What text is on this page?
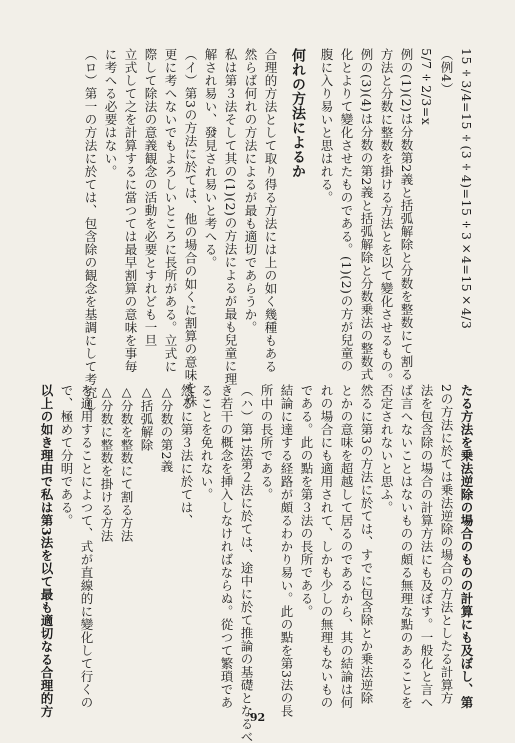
15÷3/4=15÷(3÷4)=15÷3×4=15×4/3

（例4）

5/7÷2/3=x

例の(1)(2)は分数第2義と括弧解除と分数を整数にて割る

方法と分数に整数を掛ける方法とを以て變化させるもの。

例の(3)(4)は分数の第2義と括弧解除と分数乗法の整数式

化とよりて變化させたものである。(1)(2)の方が兒童の

腹に入り易いと思はれる。

何れの方法によるか

合理的方法として取り得る方法には上の如く幾種もある

然らば何れの方法によるが最も適切であらうか。

私は第３法そして其の(1)(2)の方法によるが最も兒童に理

解され易い、發見され易いと考へる。

（イ）第3の方法に於ては、他の場合の如くに割算の意味を殊

更に考へないでもよろしいところに長所がある。立式に

際して除法の意義観念の活動を必要とすれども一旦

立式して之を計算するに當つては最早割算の意味を事毎

に考へる必要はない。

（ロ）第一の方法に於ては、包含除の観念を基調にして考究し

たる方法を乗法逆除の場合のものの計算にも及ぼし、第

2の方法に於ては乗法逆除の場合の方法としたる計算方

法を包含除の場合の計算方法にも及ぼす。一般化と言へ

ば言へないことはないものの頗る無理な點のあることを

否定されないと思ふ。

然るに第3の方法に於ては、すでに包含除とか乗法逆除

とかの意味を超越して居るのであるから、其の結論は何

れの場合にも適用されて、しかも少しの無理もないもの

である。此の點を第３法の長所である。

結論に達する経路が頗るわかり易い。此の點を第3法の長

所中の長所である。

（ハ）第1法第２法に於ては、途中に於て推論の基礎となるべ

き若干の概念を挿入しなければならぬ。從つて繁瑣であ

ることを免れない。

然るに第３法に於ては、

△分数の第2義

△括弧解除

△分数を整数にて割る方法

△分数に整数を掛ける方法

を適用することによつて、式が直線的に變化して行くの

で、極めて分明である。

以上の如き理由で私は第3法を以て最も適切なる合理的方	92
